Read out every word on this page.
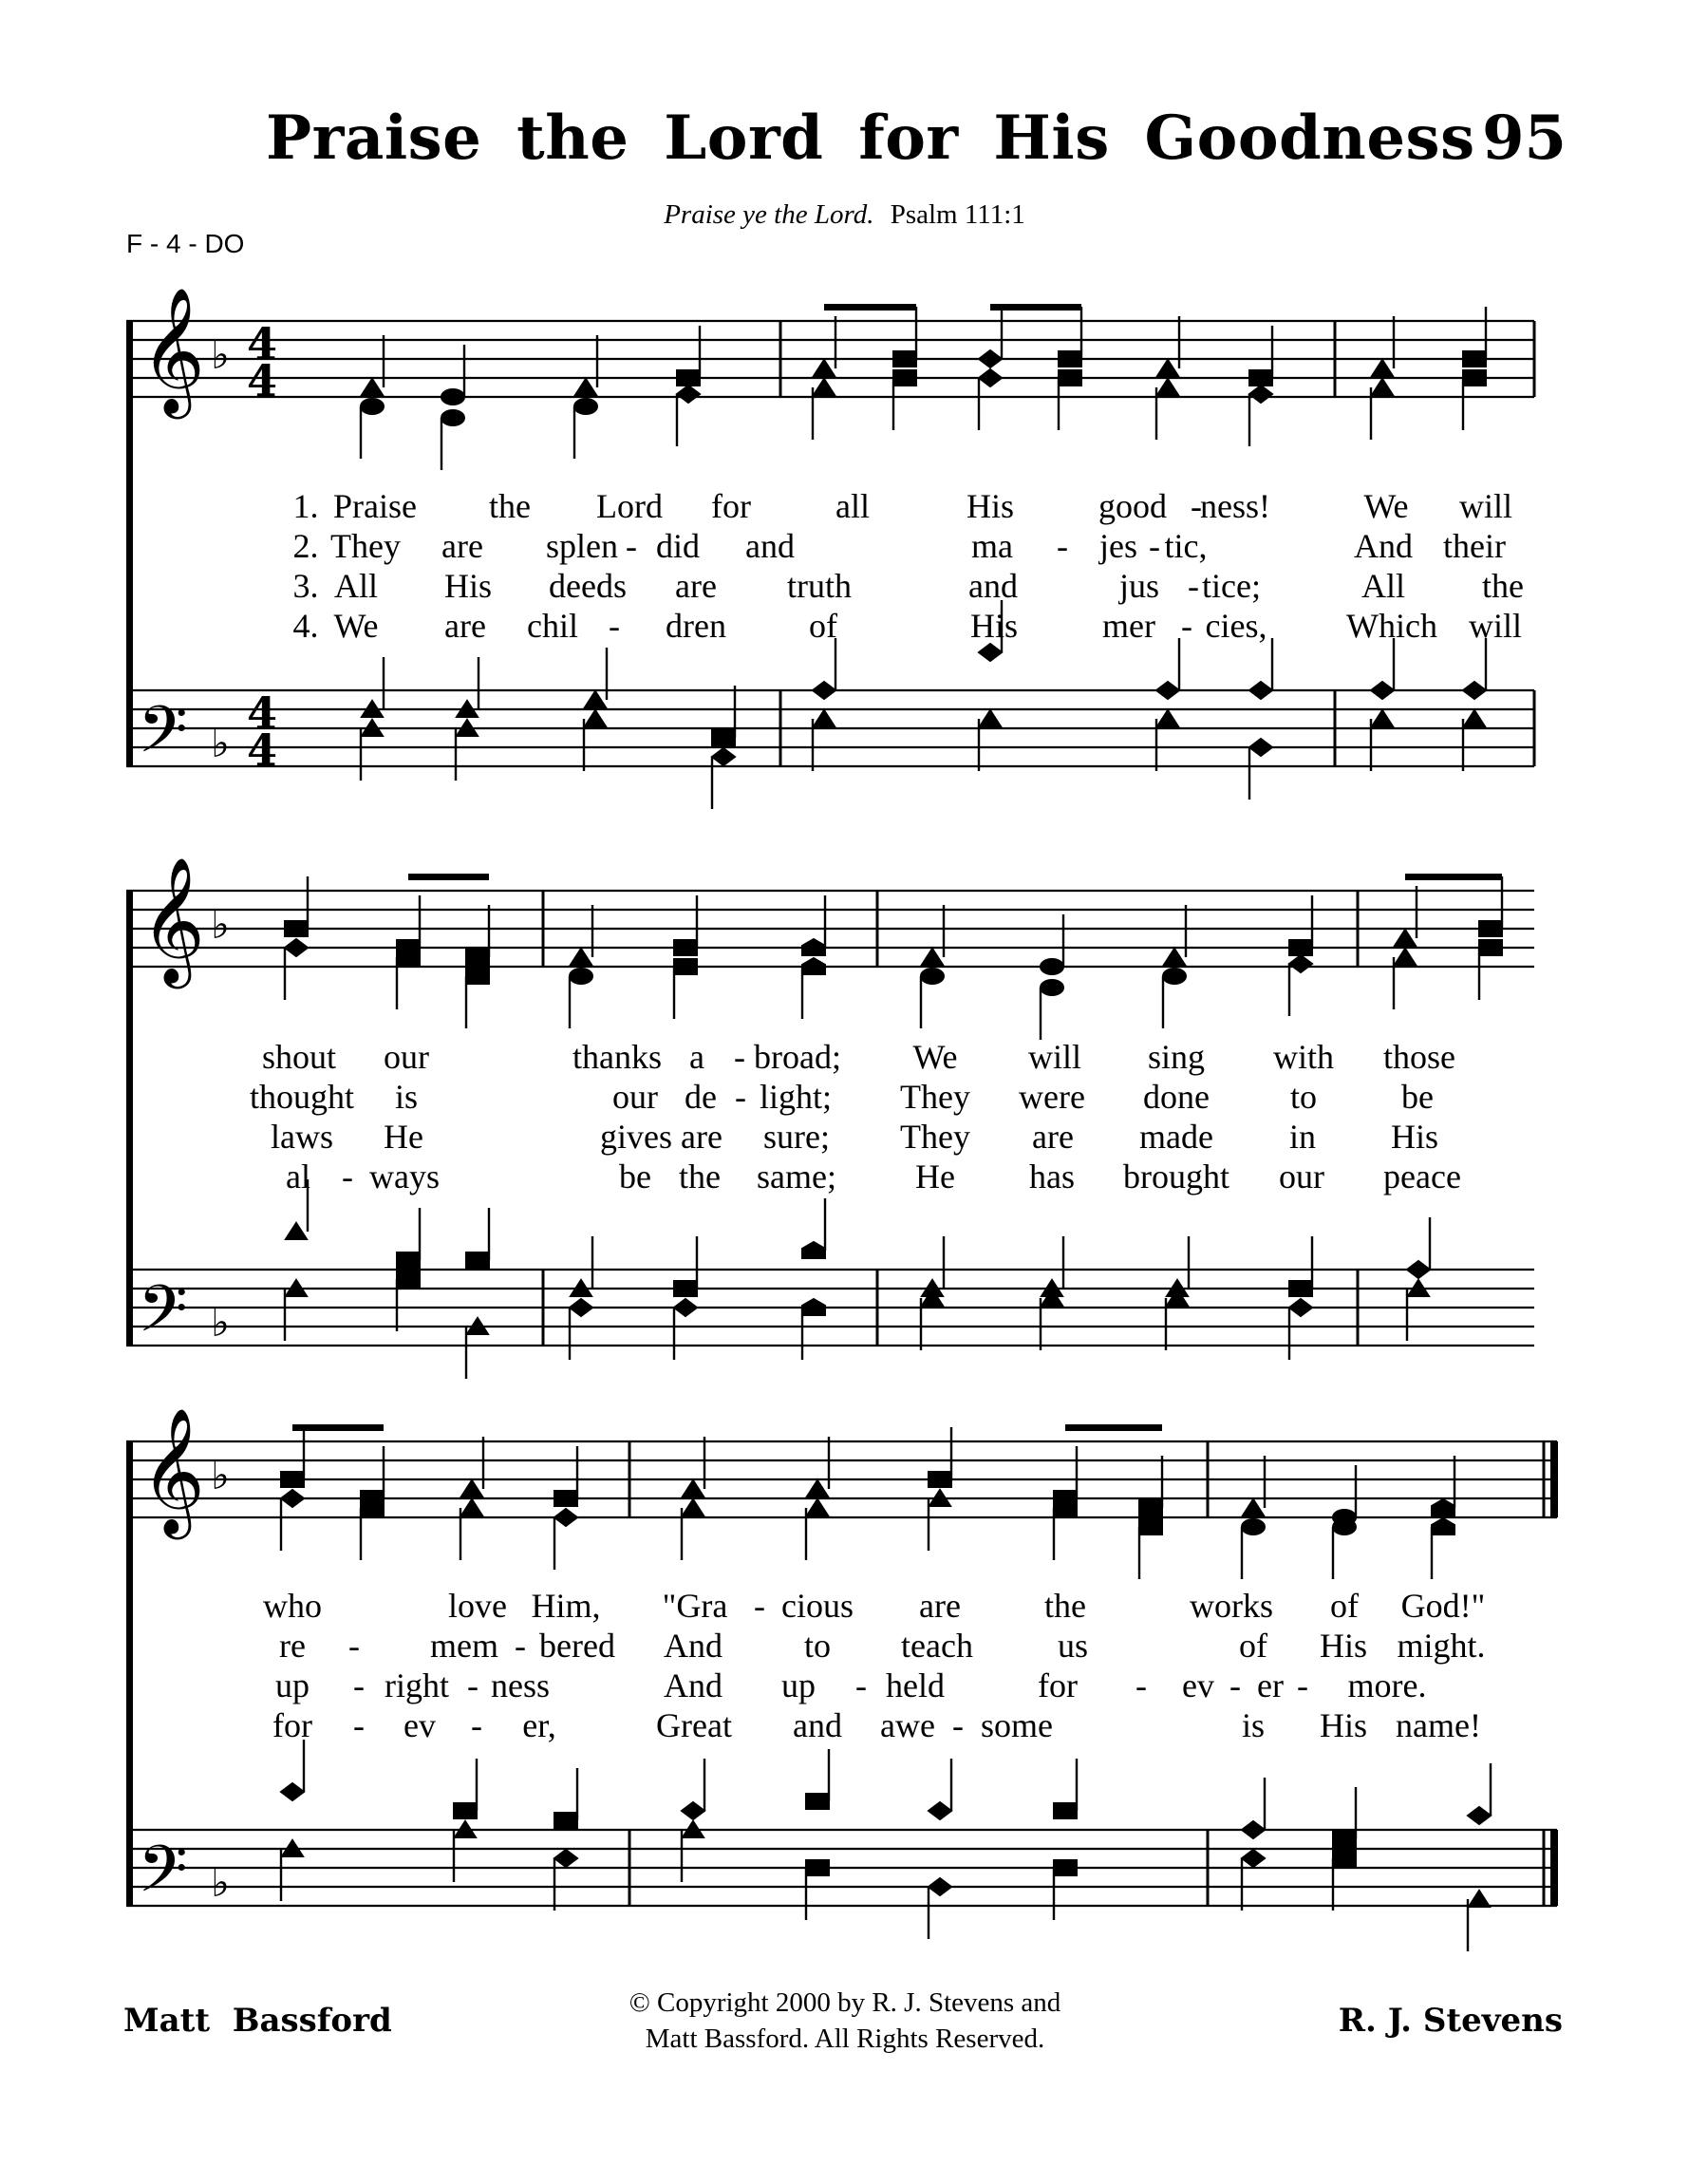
Praise the Lord for His Goodness 95
Praise ye the Lord. Psalm 111:1
F - 4 - DO
𝄞
𝄢
♭
♭
4
4
4
4
1. Praise the Lord for all	His good -
ness!	We will
2. They are splen - did and	ma - jes - tic,	And their
3. All His deeds are truth	and	jus - tice;	All the
4. We are chil - dren of	His mer - cies, Which will
𝄞
𝄢
♭
♭
shout our	thanks a - broad; We will sing with those
thought is	our de - light; They were done to be
laws He	gives are sure; They are made in His
al - ways	be the same; He has brought our peace
𝄞
𝄢
♭
♭
who	love Him, "Gra - cious are the	works of God!"
re - mem - bered And to teach us	of His might.
up - right - ness	And up - held	for - ev - er - more.
for - ev - er,	Great and awe - some	is His name!
Matt  Bassford	© Copyright 2000 by R. J. Stevens and
Matt Bassford. All Rights Reserved.	R. J. Stevens
